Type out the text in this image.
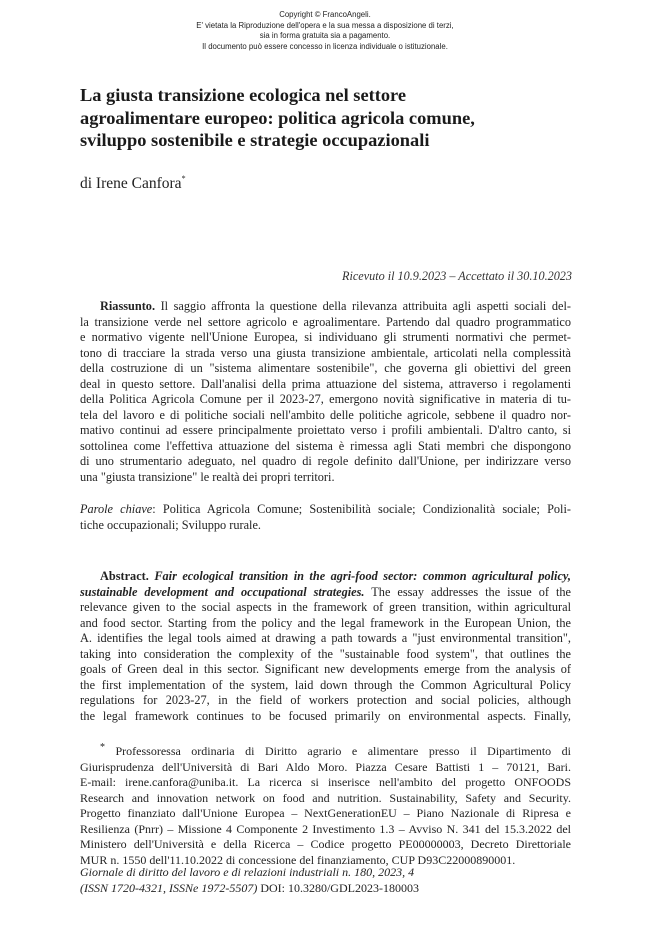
Copyright © FrancoAngeli.
E' vietata la Riproduzione dell'opera e la sua messa a disposizione di terzi,
sia in forma gratuita sia a pagamento.
Il documento può essere concesso in licenza individuale o istituzionale.
La giusta transizione ecologica nel settore
agroalimentare europeo: politica agricola comune,
sviluppo sostenibile e strategie occupazionali
di Irene Canfora*
Ricevuto il 10.9.2023 – Accettato il 30.10.2023
Riassunto. Il saggio affronta la questione della rilevanza attribuita agli aspetti sociali del-
la transizione verde nel settore agricolo e agroalimentare. Partendo dal quadro programmatico
e normativo vigente nell'Unione Europea, si individuano gli strumenti normativi che permet-
tono di tracciare la strada verso una giusta transizione ambientale, articolati nella complessità
della costruzione di un "sistema alimentare sostenibile", che governa gli obiettivi del green
deal in questo settore. Dall'analisi della prima attuazione del sistema, attraverso i regolamenti
della Politica Agricola Comune per il 2023-27, emergono novità significative in materia di tu-
tela del lavoro e di politiche sociali nell'ambito delle politiche agricole, sebbene il quadro nor-
mativo continui ad essere principalmente proiettato verso i profili ambientali. D'altro canto, si
sottolinea come l'effettiva attuazione del sistema è rimessa agli Stati membri che dispongono
di uno strumentario adeguato, nel quadro di regole definito dall'Unione, per indirizzare verso
una "giusta transizione" le realtà dei propri territori.
Parole chiave: Politica Agricola Comune; Sostenibilità sociale; Condizionalità sociale; Poli-
tiche occupazionali; Sviluppo rurale.
Abstract. Fair ecological transition in the agri-food sector: common agricultural policy,
sustainable development and occupational strategies. The essay addresses the issue of the
relevance given to the social aspects in the framework of green transition, within agricultural
and food sector. Starting from the policy and the legal framework in the European Union, the
A. identifies the legal tools aimed at drawing a path towards a "just environmental transition",
taking into consideration the complexity of the "sustainable food system", that outlines the
goals of Green deal in this sector. Significant new developments emerge from the analysis of
the first implementation of the system, laid down through the Common Agricultural Policy
regulations for 2023-27, in the field of workers protection and social policies, although
the legal framework continues to be focused primarily on environmental aspects. Finally,
* Professoressa ordinaria di Diritto agrario e alimentare presso il Dipartimento di
Giurisprudenza dell'Università di Bari Aldo Moro. Piazza Cesare Battisti 1 – 70121, Bari.
E-mail: irene.canfora@uniba.it. La ricerca si inserisce nell'ambito del progetto ONFOODS
Research and innovation network on food and nutrition. Sustainability, Safety and Security.
Progetto finanziato dall'Unione Europea – NextGenerationEU – Piano Nazionale di Ripresa e
Resilienza (Pnrr) – Missione 4 Componente 2 Investimento 1.3 – Avviso N. 341 del 15.3.2022 del
Ministero dell'Università e della Ricerca – Codice progetto PE00000003, Decreto Direttoriale
MUR n. 1550 dell'11.10.2022 di concessione del finanziamento, CUP D93C22000890001.
Giornale di diritto del lavoro e di relazioni industriali n. 180, 2023, 4
(ISSN 1720-4321, ISSNe 1972-5507) DOI: 10.3280/GDL2023-180003
